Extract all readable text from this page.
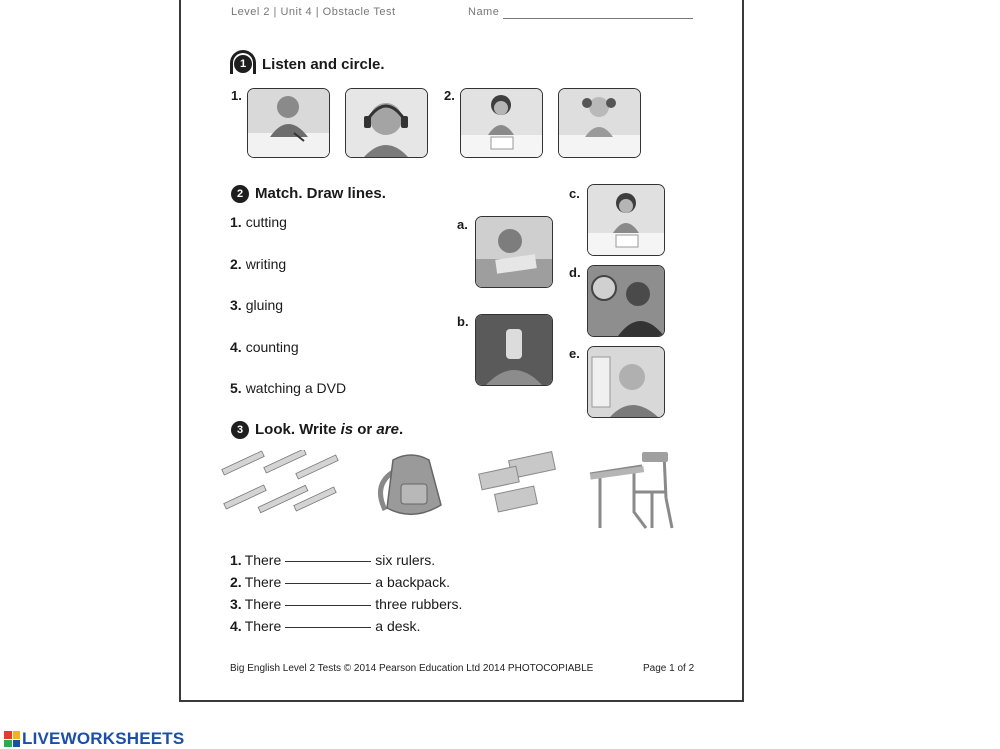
Level 2 | Unit 4 | Obstacle Test	Name
1	Listen and circle.
1.	2.
2 Match. Draw lines.
1. cutting
2. writing
3. gluing
4. counting
5. watching a DVD
a.
b.
c.
d.
e.
3 Look. Write is or are.
1. There	six rulers.
2. There	a backpack.
3. There	three rubbers.
4. There	a desk.
Big English Level 2 Tests © 2014 Pearson Education Ltd 2014 PHOTOCOPIABLE	Page 1 of 2
LIVEWORKSHEETS
